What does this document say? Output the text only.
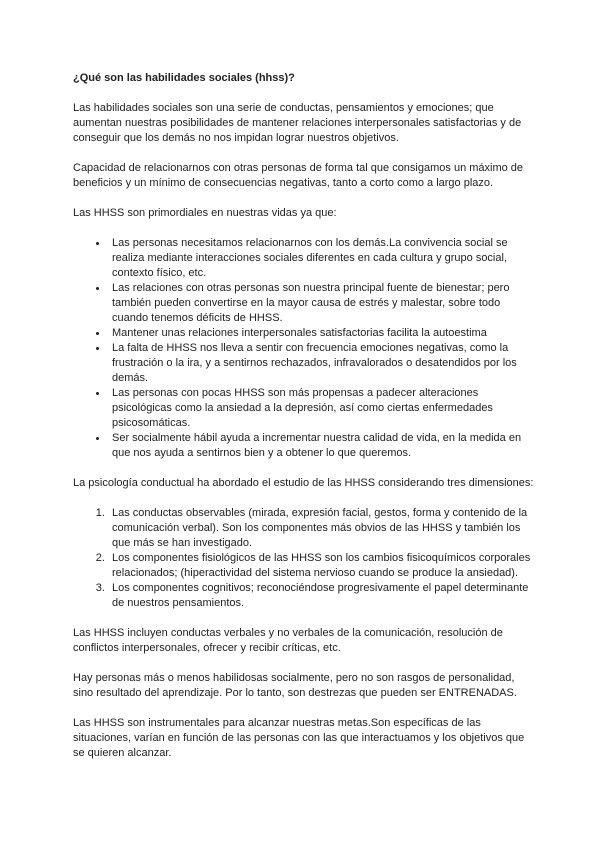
¿Qué son las habilidades sociales (hhss)?

Las habilidades sociales son una serie de conductas, pensamientos y emociones; que aumentan nuestras posibilidades de mantener relaciones interpersonales satisfactorias y de conseguir que los demás no nos impidan lograr nuestros objetivos.

Capacidad de relacionarnos con otras personas de forma tal que consigamos un máximo de beneficios y un mínimo de consecuencias negativas, tanto a corto como a largo plazo.

Las HHSS son primordiales en nuestras vidas ya que:

• Las personas necesitamos relacionarnos con los demás.La convivencia social se realiza mediante interacciones sociales diferentes en cada cultura y grupo social, contexto físico, etc.
• Las relaciones con otras personas son nuestra principal fuente de bienestar; pero también pueden convertirse en la mayor causa de estrés y malestar, sobre todo cuando tenemos déficits de HHSS.
• Mantener unas relaciones interpersonales satisfactorias facilita la autoestima
• La falta de HHSS nos lleva a sentir con frecuencia emociones negativas, como la frustración o la ira, y a sentirnos rechazados, infravalorados o desatendidos por los demás.
• Las personas con pocas HHSS son más propensas a padecer alteraciones psicológicas como la ansiedad a la depresión, así como ciertas enfermedades psicosomáticas.
• Ser socialmente hábil ayuda a incrementar nuestra calidad de vida, en la medida en que nos ayuda a sentirnos bien y a obtener lo que queremos.

La psicología conductual ha abordado el estudio de las HHSS considerando tres dimensiones:

1. Las conductas observables (mirada, expresión facial, gestos, forma y contenido de la comunicación verbal). Son los componentes más obvios de las HHSS y también los que más se han investigado.
2. Los componentes fisiológicos de las HHSS son los cambios fisicoquímicos corporales relacionados; (hiperactividad del sistema nervioso cuando se produce la ansiedad).
3. Los componentes cognitivos; reconociéndose progresivamente el papel determinante de nuestros pensamientos.

Las HHSS incluyen conductas verbales y no verbales de la comunicación, resolución de conflictos interpersonales, ofrecer y recibir críticas, etc.

Hay personas más o menos habilidosas socialmente, pero no son rasgos de personalidad, sino resultado del aprendizaje. Por lo tanto, son destrezas que pueden ser ENTRENADAS.

Las HHSS son instrumentales para alcanzar nuestras metas.Son específicas de las situaciones, varían en función de las personas con las que interactuamos y los objetivos que se quieren alcanzar.
